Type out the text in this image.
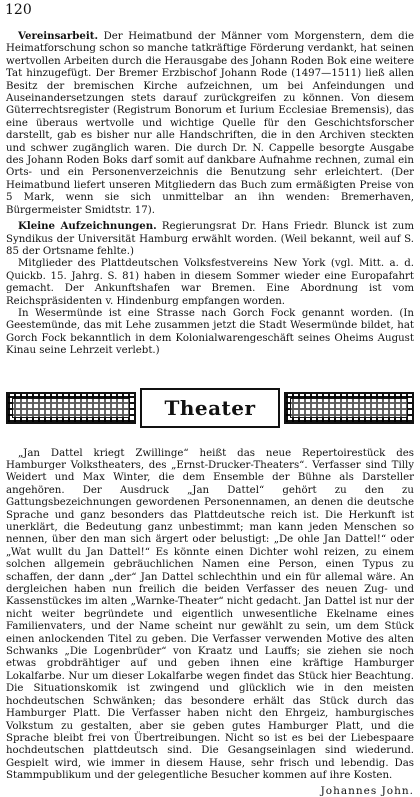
120

Vereinsarbeit. Der Heimatbund der Männer vom Morgenstern, dem die Heimatforschung schon so manche tatkräftige Förderung verdankt, hat seinen wertvollen Arbeiten durch die Herausgabe des Johann Roden Bok eine weitere Tat hinzugefügt. Der Bremer Erzbischof Johann Rode (1497—1511) ließ allen Besitz der bremischen Kirche aufzeichnen, um bei Anfeindungen und Auseinandersetzungen stets darauf zurückgreifen zu können. Von diesem Güterrechtsregister (Registrum Bonorum et Iurium Ecclesiae Bremensis), das eine überaus wertvolle und wichtige Quelle für den Geschichtsforscher darstellt, gab es bisher nur alle Handschriften, die in den Archiven steckten und schwer zugänglich waren. Die durch Dr. N. Cappelle besorgte Ausgabe des Johann Roden Boks darf somit auf dankbare Aufnahme rechnen, zumal ein Orts- und ein Personenverzeichnis die Benutzung sehr erleichtert. (Der Heimatbund liefert unseren Mitgliedern das Buch zum ermäßigten Preise von 5 Mark, wenn sie sich unmittelbar an ihn wenden: Bremerhaven, Bürgermeister Smidtstr. 17).

Kleine Aufzeichnungen. Regierungsrat Dr. Hans Friedr. Blunck ist zum Syndikus der Universität Hamburg erwählt worden. (Weil bekannt, weil auf S. 85 der Ortsname fehlte.)

Mitglieder des Plattdeutschen Volksfestvereins New York (vgl. Mitt. a. d. Quickb. 15. Jahrg. S. 81) haben in diesem Sommer wieder eine Europafahrt gemacht. Der Ankunftshafen war Bremen. Eine Abordnung ist vom Reichspräsidenten v. Hindenburg empfangen worden.

In Wesermünde ist eine Strasse nach Gorch Fock genannt worden. (In Geestemünde, das mit Lehe zusammen jetzt die Stadt Wesermünde bildet, hat Gorch Fock bekanntlich in dem Kolonialwarengeschäft seines Oheims August Kinau seine Lehrzeit verlebt.)

Theater

„Jan Dattel kriegt Zwillinge“ heißt das neue Repertoirestück des Hamburger Volkstheaters, des „Ernst-Drucker-Theaters“. Verfasser sind Tilly Weidert und Max Winter, die dem Ensemble der Bühne als Darsteller angehören. Der Ausdruck „Jan Dattel“ gehört zu den zu Gattungsbezeichnungen gewordenen Personennamen, an denen die deutsche Sprache und ganz besonders das Plattdeutsche reich ist. Die Herkunft ist unerklärt, die Bedeutung ganz unbestimmt; man kann jeden Menschen so nennen, über den man sich ärgert oder belustigt: „De ohle Jan Dattel!“ oder „Wat wullt du Jan Dattel!“ Es könnte einen Dichter wohl reizen, zu einem solchen allgemein gebräuchlichen Namen eine Person, einen Typus zu schaffen, der dann „der“ Jan Dattel schlechthin und ein für allemal wäre. An dergleichen haben nun freilich die beiden Verfasser des neuen Zug- und Kassenstückes im alten „Warnke-Theater“ nicht gedacht. Jan Dattel ist nur der nicht weiter begründete und eigentlich unwesentliche Ekelname eines Familienvaters, und der Name scheint nur gewählt zu sein, um dem Stück einen anlockenden Titel zu geben. Die Verfasser verwenden Motive des alten Schwanks „Die Logenbrüder“ von Kraatz und Lauffs; sie ziehen sie noch etwas grobdrähtiger auf und geben ihnen eine kräftige Hamburger Lokalfarbe. Nur um dieser Lokalfarbe wegen findet das Stück hier Beachtung. Die Situationskomik ist zwingend und glücklich wie in den meisten hochdeutschen Schwänken; das besondere erhält das Stück durch das Hamburger Platt. Die Verfasser haben nicht den Ehrgeiz, hamburgisches Volkstum zu gestalten, aber sie geben gutes Hamburger Platt, und die Sprache bleibt frei von Übertreibungen. Nicht so ist es bei der Liebespaare hochdeutschen plattdeutsch sind. Die Gesangseinlagen sind wiederund. Gespielt wird, wie immer in diesem Hause, sehr frisch und lebendig. Das Stammpublikum und der gelegentliche Besucher kommen auf ihre Kosten.

Johannes John.
